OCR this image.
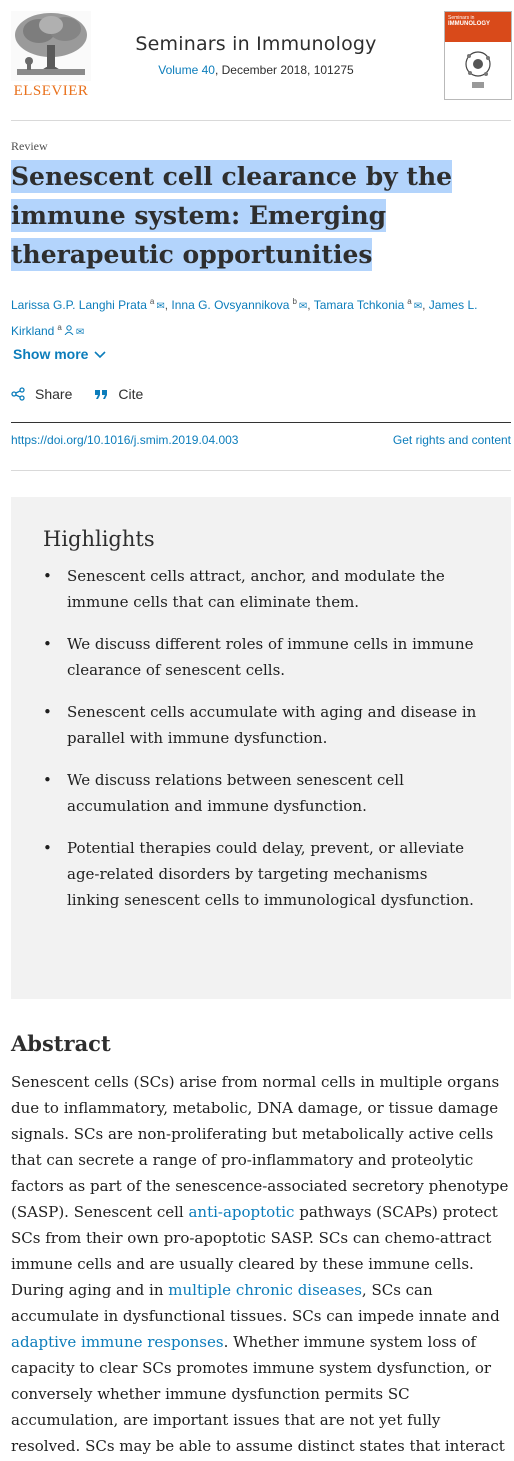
ELSEVIER
Seminars in Immunology
Volume 40, December 2018, 101275
Seminars in
IMMUNOLOGY
Review
Senescent cell clearance by the immune system: Emerging therapeutic opportunities
Larissa G.P. Langhi Prata $^a$ ✉, Inna G. Ovsyannikova $^b$ ✉, Tamara Tchkonia $^a$ ✉, James L. Kirkland $^a$ ✉
Show more
Share	Cite
https://doi.org/10.1016/j.smim.2019.04.003	Get rights and content
Highlights
• Senescent cells attract, anchor, and modulate the immune cells that can eliminate them.
• We discuss different roles of immune cells in immune clearance of senescent cells.
• Senescent cells accumulate with aging and disease in parallel with immune dysfunction.
• We discuss relations between senescent cell accumulation and immune dysfunction.
• Potential therapies could delay, prevent, or alleviate age-related disorders by targeting mechanisms linking senescent cells to immunological dysfunction.
Abstract

Senescent cells (SCs) arise from normal cells in multiple organs due to inflammatory, metabolic, DNA damage, or tissue damage signals. SCs are non-proliferating but metabolically active cells that can secrete a range of pro-inflammatory and proteolytic factors as part of the senescence-associated secretory phenotype (SASP). Senescent cell anti-apoptotic pathways (SCAPs) protect SCs from their own pro-apoptotic SASP. SCs can chemo-attract immune cells and are usually cleared by these immune cells. During aging and in multiple chronic diseases, SCs can accumulate in dysfunctional tissues. SCs can impede innate and adaptive immune responses. Whether immune system loss of capacity to clear SCs promotes immune system dysfunction, or conversely whether immune dysfunction permits SC accumulation, are important issues that are not yet fully resolved. SCs may be able to assume distinct states that interact
